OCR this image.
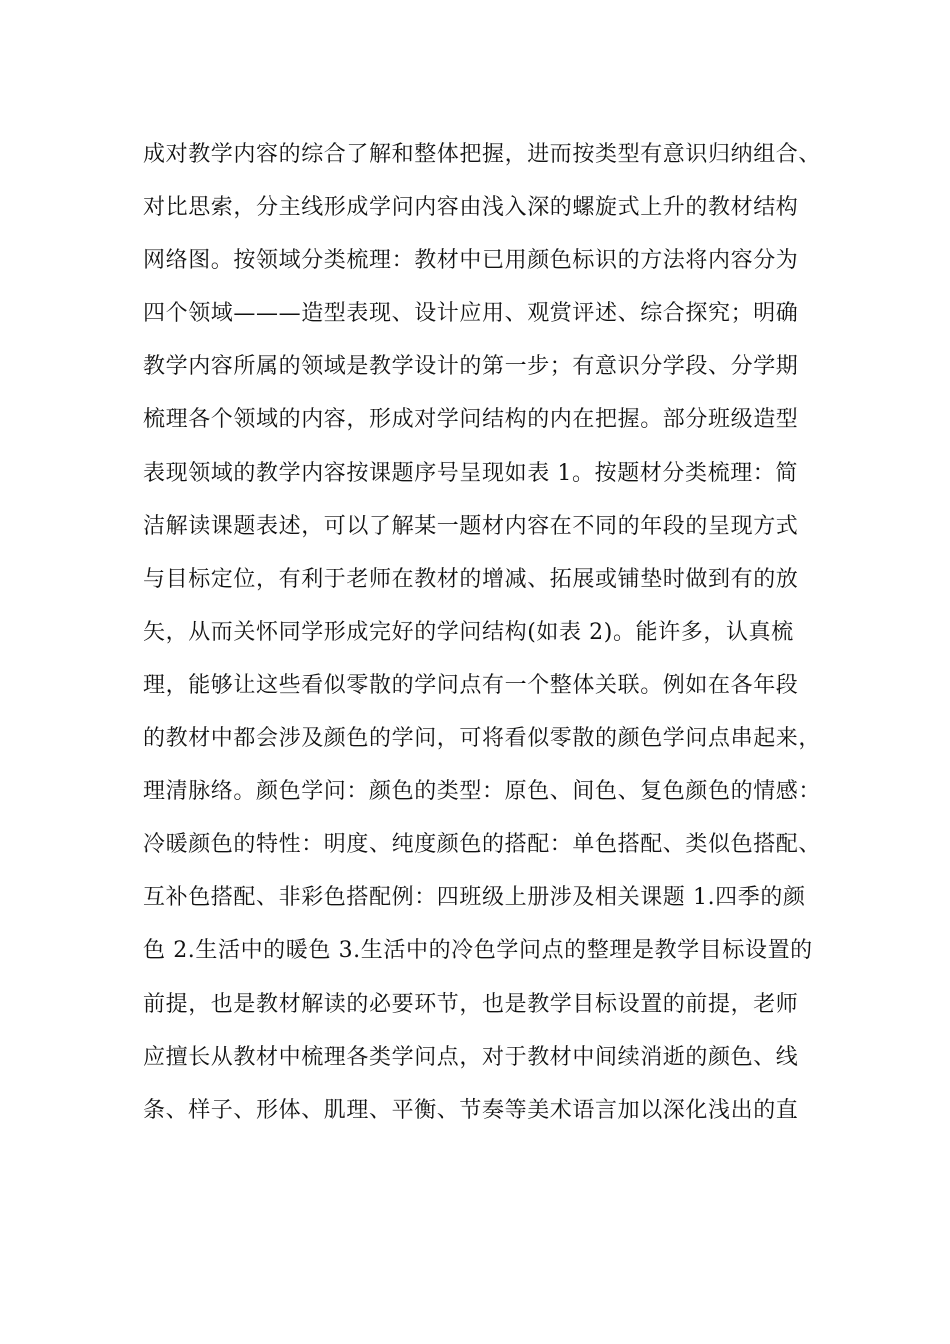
成对教学内容的综合了解和整体把握，进而按类型有意识归纳组合、
对比思索，分主线形成学问内容由浅入深的螺旋式上升的教材结构
网络图。按领域分类梳理：教材中已用颜色标识的方法将内容分为
四个领域———造型表现、设计应用、观赏评述、综合探究；明确
教学内容所属的领域是教学设计的第一步；有意识分学段、分学期
梳理各个领域的内容，形成对学问结构的内在把握。部分班级造型
表现领域的教学内容按课题序号呈现如表 1。按题材分类梳理：简
洁解读课题表述，可以了解某一题材内容在不同的年段的呈现方式
与目标定位，有利于老师在教材的增减、拓展或铺垫时做到有的放
矢，从而关怀同学形成完好的学问结构(如表 2)。能许多，认真梳
理，能够让这些看似零散的学问点有一个整体关联。例如在各年段
的教材中都会涉及颜色的学问，可将看似零散的颜色学问点串起来，
理清脉络。颜色学问：颜色的类型：原色、间色、复色颜色的情感：
冷暖颜色的特性：明度、纯度颜色的搭配：单色搭配、类似色搭配、
互补色搭配、非彩色搭配例：四班级上册涉及相关课题 1.四季的颜
色 2.生活中的暖色 3.生活中的冷色学问点的整理是教学目标设置的
前提，也是教材解读的必要环节，也是教学目标设置的前提，老师
应擅长从教材中梳理各类学问点，对于教材中间续消逝的颜色、线
条、样子、形体、肌理、平衡、节奏等美术语言加以深化浅出的直
